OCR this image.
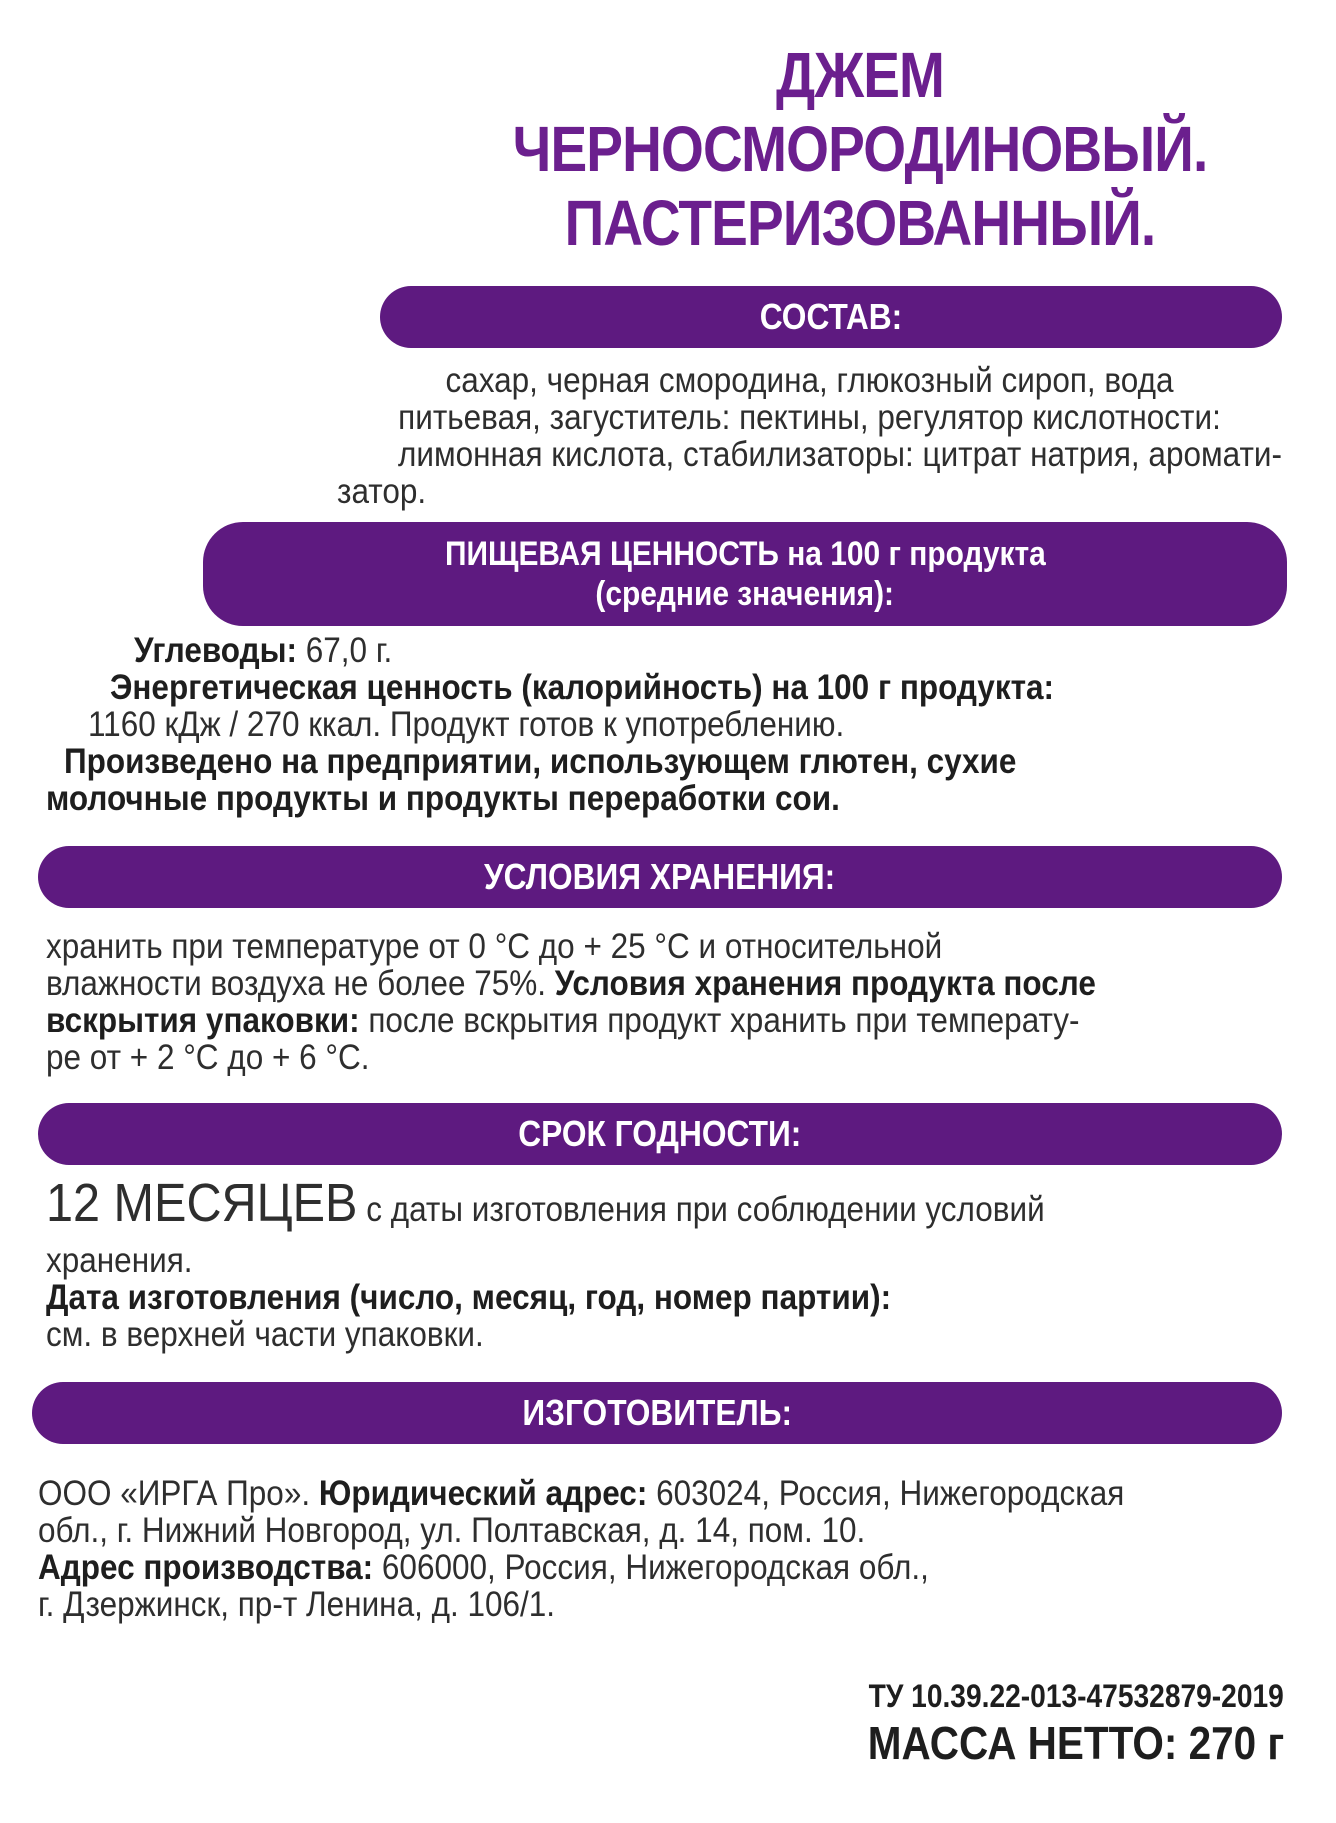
ДЖЕМ
ЧЕРНОСМОРОДИНОВЫЙ.
ПАСТЕРИЗОВАННЫЙ.
СОСТАВ:
сахар, черная смородина, глюкозный сироп, вода
питьевая, загуститель: пектины, регулятор кислотности:
лимонная кислота, стабилизаторы: цитрат натрия, аромати-
затор.
ПИЩЕВАЯ ЦЕННОСТЬ на 100 г продукта
(средние значения):
Углеводы: 67,0 г.
Энергетическая ценность (калорийность) на 100 г продукта:
1160 кДж / 270 ккал. Продукт готов к употреблению.
Произведено на предприятии, использующем глютен, сухие
молочные продукты и продукты переработки сои.
УСЛОВИЯ ХРАНЕНИЯ:
хранить при температуре от 0 °С до + 25 °С и относительной
влажности воздуха не более 75%. Условия хранения продукта после
вскрытия упаковки: после вскрытия продукт хранить при температу-
ре от + 2 °С до + 6 °С.
СРОК ГОДНОСТИ:
12 МЕСЯЦЕВ с даты изготовления при соблюдении условий
хранения.
Дата изготовления (число, месяц, год, номер партии):
см. в верхней части упаковки.
ИЗГОТОВИТЕЛЬ:
ООО «ИРГА Про». Юридический адрес: 603024, Россия, Нижегородская
обл., г. Нижний Новгород, ул. Полтавская, д. 14, пом. 10.
Адрес производства: 606000, Россия, Нижегородская обл.,
г. Дзержинск, пр-т Ленина, д. 106/1.
ТУ 10.39.22-013-47532879-2019
МАССА НЕТТО: 270 г
